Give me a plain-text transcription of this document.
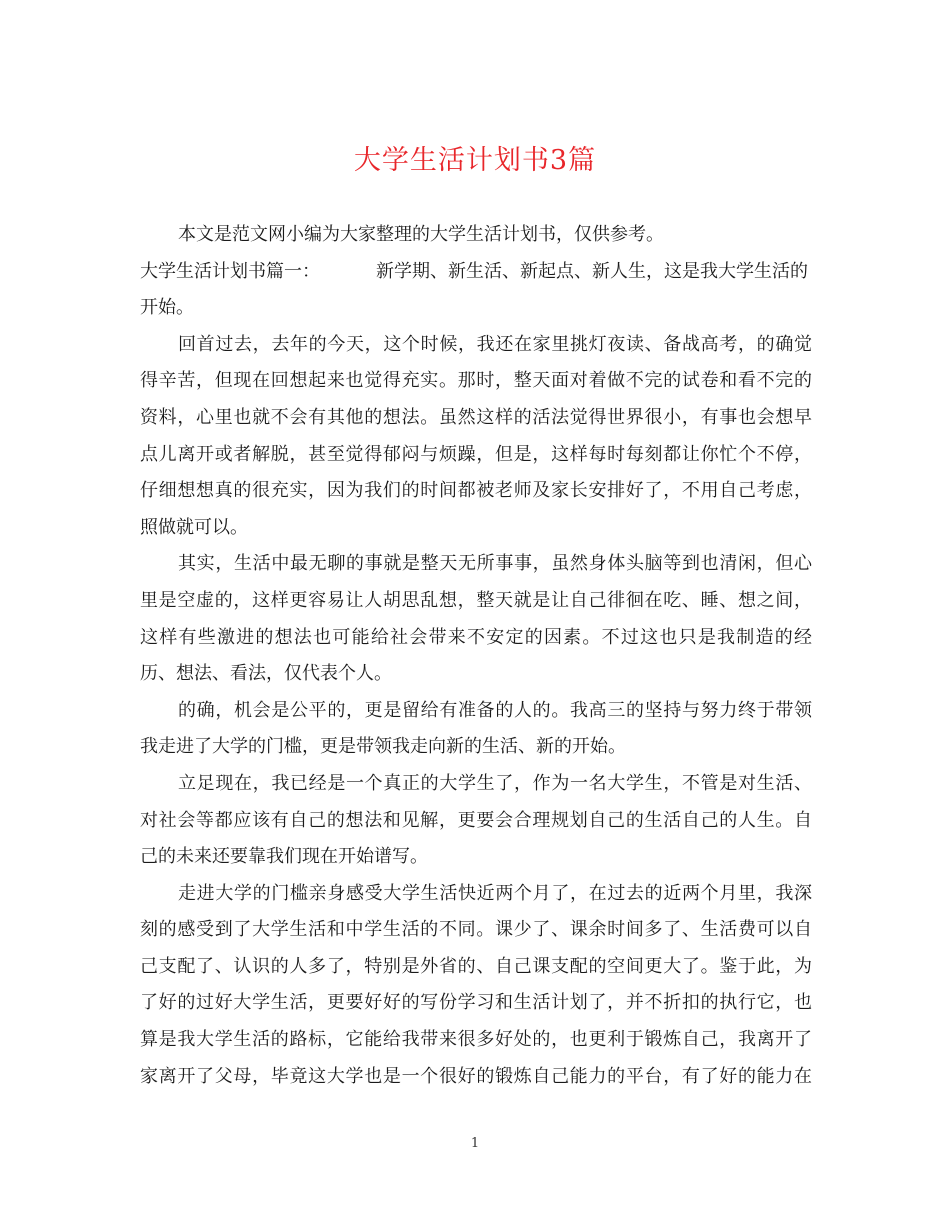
大学生活计划书3篇
本文是范文网小编为大家整理的大学生活计划书，仅供参考。
大学生活计划书篇一：	新学期、新生活、新起点、新人生，这是我大学生活的
开始。
回首过去，去年的今天，这个时候，我还在家里挑灯夜读、备战高考，的确觉
得辛苦，但现在回想起来也觉得充实。那时，整天面对着做不完的试卷和看不完的
资料，心里也就不会有其他的想法。虽然这样的活法觉得世界很小，有事也会想早
点儿离开或者解脱，甚至觉得郁闷与烦躁，但是，这样每时每刻都让你忙个不停，
仔细想想真的很充实，因为我们的时间都被老师及家长安排好了，不用自己考虑，
照做就可以。
其实，生活中最无聊的事就是整天无所事事，虽然身体头脑等到也清闲，但心
里是空虚的，这样更容易让人胡思乱想，整天就是让自己徘徊在吃、睡、想之间，
这样有些激进的想法也可能给社会带来不安定的因素。不过这也只是我制造的经
历、想法、看法，仅代表个人。
的确，机会是公平的，更是留给有准备的人的。我高三的坚持与努力终于带领
我走进了大学的门槛，更是带领我走向新的生活、新的开始。
立足现在，我已经是一个真正的大学生了，作为一名大学生，不管是对生活、
对社会等都应该有自己的想法和见解，更要会合理规划自己的生活自己的人生。自
己的未来还要靠我们现在开始谱写。
走进大学的门槛亲身感受大学生活快近两个月了，在过去的近两个月里，我深
刻的感受到了大学生活和中学生活的不同。课少了、课余时间多了、生活费可以自
己支配了、认识的人多了，特别是外省的、自己课支配的空间更大了。鉴于此，为
了好的过好大学生活，更要好好的写份学习和生活计划了，并不折扣的执行它，也
算是我大学生活的路标，它能给我带来很多好处的，也更利于锻炼自己，我离开了
家离开了父母，毕竟这大学也是一个很好的锻炼自己能力的平台，有了好的能力在
1
